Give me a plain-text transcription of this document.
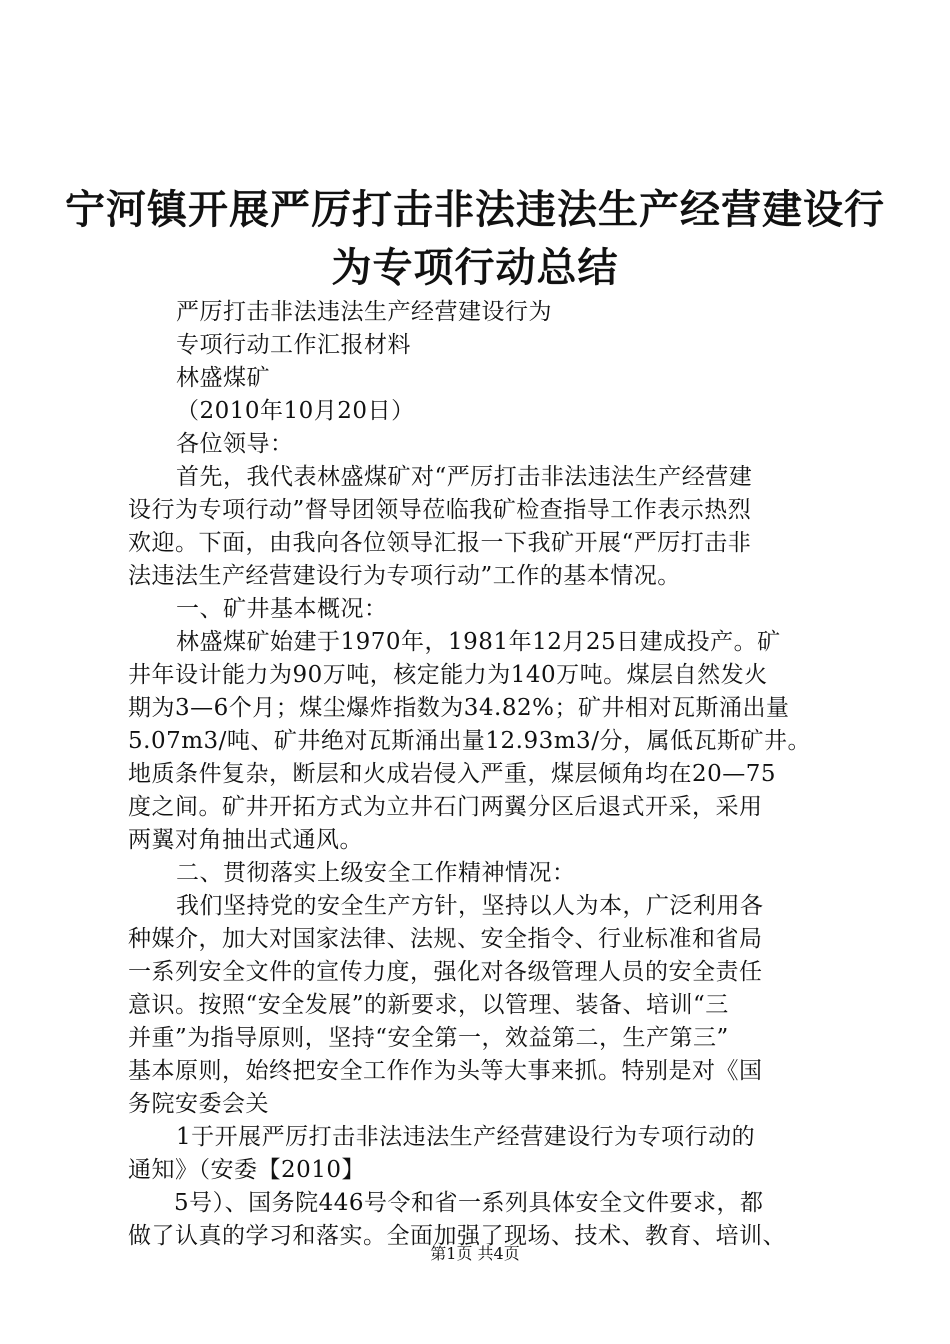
宁河镇开展严厉打击非法违法生产经营建设行
为专项行动总结
严厉打击非法违法生产经营建设行为
专项行动工作汇报材料
林盛煤矿
（2010年10月20日）
各位领导：
首先，我代表林盛煤矿对“严厉打击非法违法生产经营建
设行为专项行动”督导团领导莅临我矿检查指导工作表示热烈
欢迎。下面，由我向各位领导汇报一下我矿开展“严厉打击非
法违法生产经营建设行为专项行动”工作的基本情况。
一、矿井基本概况：
林盛煤矿始建于1970年，1981年12月25日建成投产。矿
井年设计能力为90万吨，核定能力为140万吨。煤层自然发火
期为3—6个月；煤尘爆炸指数为34.82%；矿井相对瓦斯涌出量
5.07m3/吨、矿井绝对瓦斯涌出量12.93m3/分，属低瓦斯矿井。
地质条件复杂，断层和火成岩侵入严重，煤层倾角均在20—75
度之间。矿井开拓方式为立井石门两翼分区后退式开采，采用
两翼对角抽出式通风。
二、贯彻落实上级安全工作精神情况：
我们坚持党的安全生产方针，坚持以人为本，广泛利用各
种媒介，加大对国家法律、法规、安全指令、行业标准和省局
一系列安全文件的宣传力度，强化对各级管理人员的安全责任
意识。按照“安全发展”的新要求，以管理、装备、培训“三
并重”为指导原则，坚持“安全第一，效益第二，生产第三”
基本原则，始终把安全工作作为头等大事来抓。特别是对《国
务院安委会关
1于开展严厉打击非法违法生产经营建设行为专项行动的
通知》（安委【2010】
5号）、国务院446号令和省一系列具体安全文件要求，都
做了认真的学习和落实。全面加强了现场、技术、教育、培训、
第1页 共4页
